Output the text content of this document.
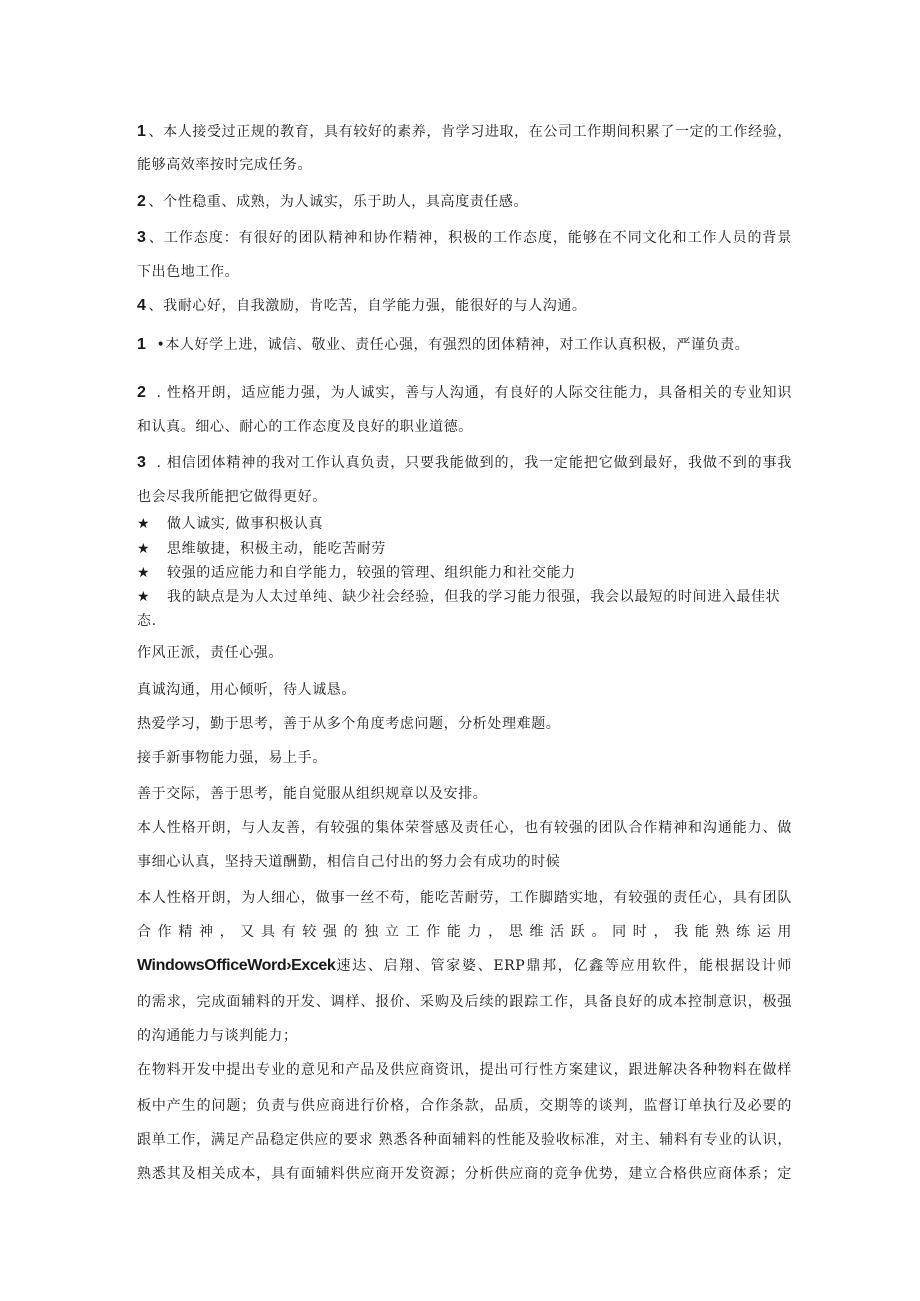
1 、本人接受过正规的教育，具有较好的素养，肯学习进取，在公司工作期间积累了一定的工作经验，
能够高效率按时完成任务。
2 、个性稳重、成熟，为人诚实，乐于助人，具高度责任感。
3 、工作态度：有很好的团队精神和协作精神，积极的工作态度，能够在不同文化和工作人员的背景
下出色地工作。
4 、我耐心好，自我激励，肯吃苦，自学能力强，能很好的与人沟通。
1 •本人好学上进，诚信、敬业、责任心强，有强烈的团体精神，对工作认真积极，严谨负责。
2 . 性格开朗，适应能力强，为人诚实，善与人沟通，有良好的人际交往能力，具备相关的专业知识
和认真。细心、耐心的工作态度及良好的职业道德。
3 . 相信团体精神的我对工作认真负责，只要我能做到的，我一定能把它做到最好，我做不到的事我
也会尽我所能把它做得更好。
★ 做人诚实, 做事积极认真
★ 思维敏捷，积极主动，能吃苦耐劳
★ 较强的适应能力和自学能力，较强的管理、组织能力和社交能力
★ 我的缺点是为人太过单纯、缺少社会经验，但我的学习能力很强，我会以最短的时间进入最佳状
态.
作风正派，责任心强。
真诚沟通，用心倾听，待人诚恳。
热爱学习，勤于思考，善于从多个角度考虑问题，分析处理难题。
接手新事物能力强，易上手。
善于交际，善于思考，能自觉服从组织规章以及安排。
本人性格开朗，与人友善，有较强的集体荣誉感及责任心，也有较强的团队合作精神和沟通能力、做
事细心认真，坚持天道酬勤，相信自己付出的努力会有成功的时候
本人性格开朗，为人细心，做事一丝不苟，能吃苦耐劳，工作脚踏实地，有较强的责任心，具有团队
合 作 精 神 ， 又 具 有 较 强 的 独 立 工 作 能 力 ， 思 维 活 跃 。 同 时 ， 我 能 熟 练 运 用
WindowsOfficeWord›Excek速达、启翔、管家婆、ERP鼎邦，亿鑫等应用软件，能根据设计师
的需求，完成面辅料的开发、调样、报价、采购及后续的跟踪工作，具备良好的成本控制意识，极强
的沟通能力与谈判能力；
在物料开发中提出专业的意见和产品及供应商资讯，提出可行性方案建议，跟进解决各种物料在做样
板中产生的问题；负责与供应商进行价格，合作条款，品质，交期等的谈判，监督订单执行及必要的
跟单工作，满足产品稳定供应的要求 熟悉各种面辅料的性能及验收标准，对主、辅料有专业的认识，
熟悉其及相关成本，具有面辅料供应商开发资源；分析供应商的竞争优势，建立合格供应商体系；定
